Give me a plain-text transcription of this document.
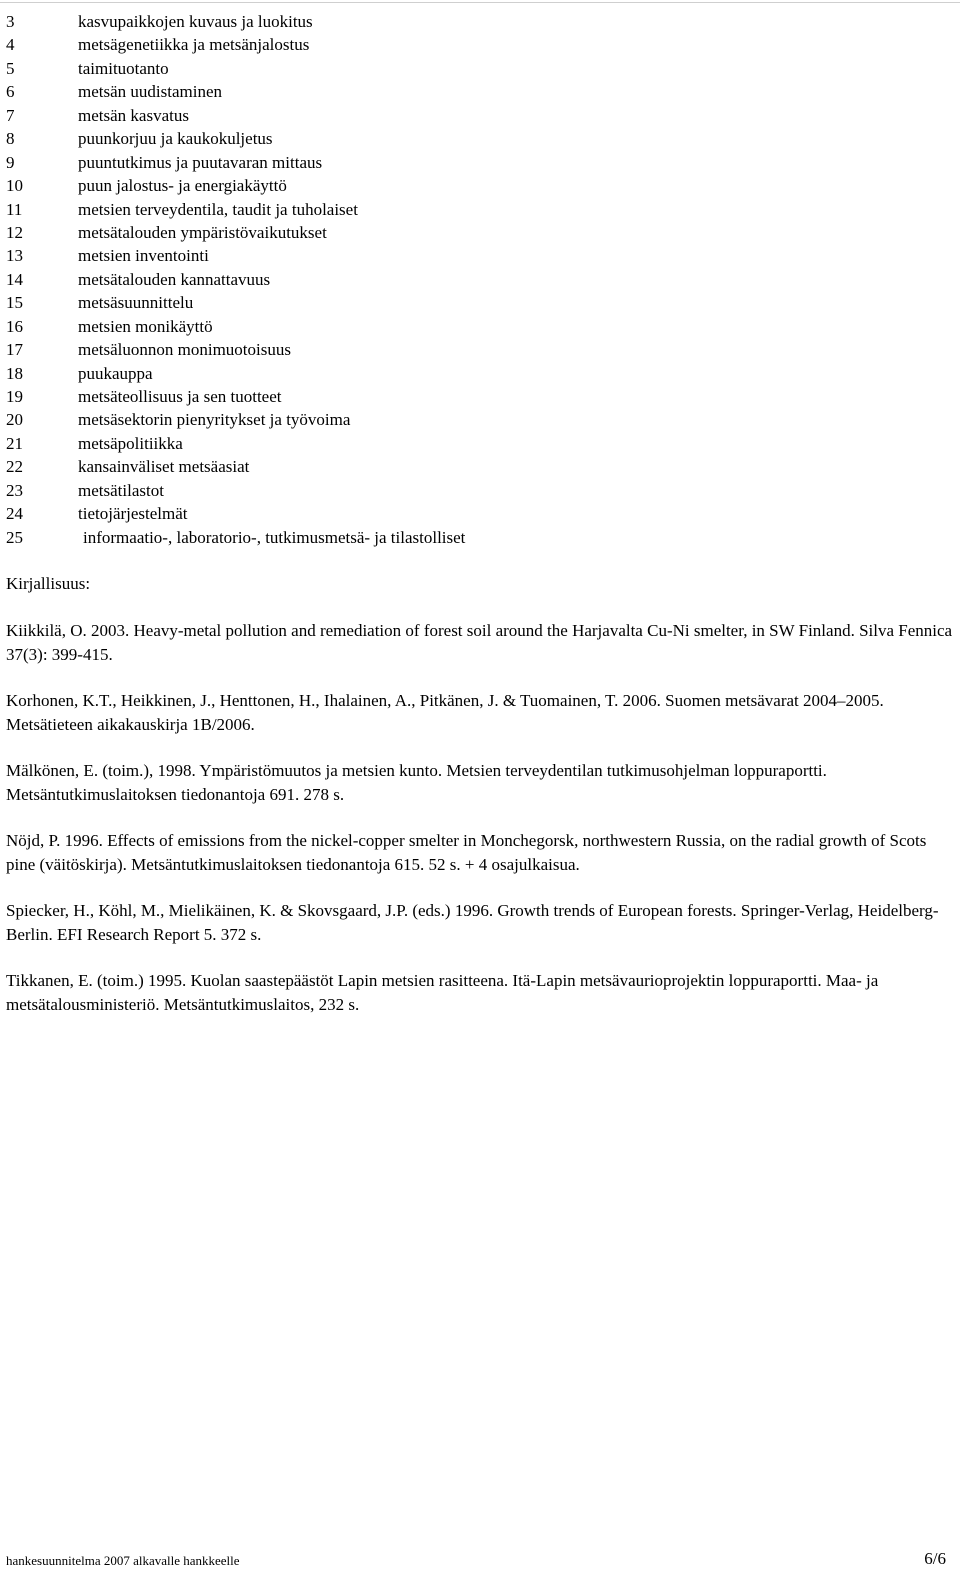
3	kasvupaikkojen kuvaus ja luokitus
4	metsägenetiikka ja metsänjalostus
5	taimituotanto
6	metsän uudistaminen
7	metsän kasvatus
8	puunkorjuu ja kaukokuljetus
9	puuntutkimus ja puutavaran mittaus
10	puun jalostus- ja energiakäyttö
11	metsien terveydentila, taudit ja tuholaiset
12	metsätalouden ympäristövaikutukset
13	metsien inventointi
14	metsätalouden kannattavuus
15	metsäsuunnittelu
16	metsien monikäyttö
17	metsäluonnon monimuotoisuus
18	puukauppa
19	metsäteollisuus ja sen tuotteet
20	metsäsektorin pienyritykset ja työvoima
21	metsäpolitiikka
22	kansainväliset metsäasiat
23	metsätilastot
24	tietojärjestelmät
25	informaatio-, laboratorio-, tutkimusmetsä- ja tilastolliset

Kirjallisuus:

Kiikkilä, O. 2003. Heavy-metal pollution and remediation of forest soil around the Harjavalta Cu-Ni smelter, in SW Finland. Silva Fennica 37(3): 399-415.

Korhonen, K.T., Heikkinen, J., Henttonen, H., Ihalainen, A., Pitkänen, J. & Tuomainen, T. 2006. Suomen metsävarat 2004–2005. Metsätieteen aikakauskirja 1B/2006.

Mälkönen, E. (toim.), 1998. Ympäristömuutos ja metsien kunto. Metsien terveydentilan tutkimusohjelman loppuraportti. Metsäntutkimuslaitoksen tiedonantoja 691. 278 s.

Nöjd, P. 1996. Effects of emissions from the nickel-copper smelter in Monchegorsk, northwestern Russia, on the radial growth of Scots pine (väitöskirja). Metsäntutkimuslaitoksen tiedonantoja 615. 52 s. + 4 osajulkaisua.

Spiecker, H., Köhl, M., Mielikäinen, K. & Skovsgaard, J.P. (eds.) 1996. Growth trends of European forests. Springer-Verlag, Heidelberg-Berlin. EFI Research Report 5. 372 s.

Tikkanen, E. (toim.) 1995. Kuolan saastepäästöt Lapin metsien rasitteena. Itä-Lapin metsävaurioprojektin loppuraportti. Maa- ja metsätalousministeriö. Metsäntutkimuslaitos, 232 s.

hankesuunnitelma 2007 alkavalle hankkeelle	6/6
